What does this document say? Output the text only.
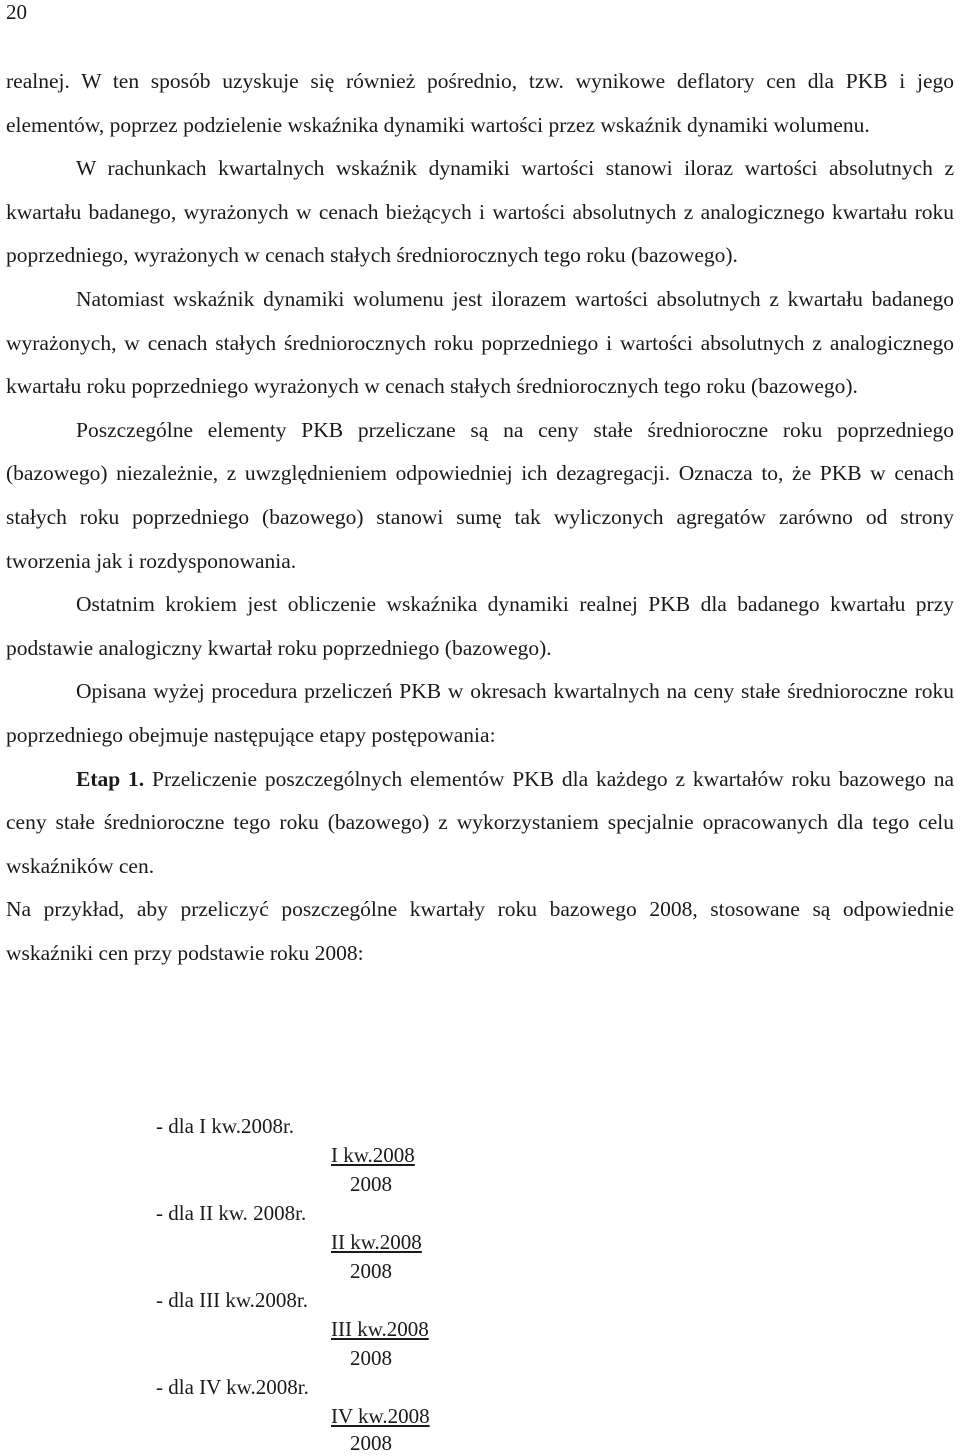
20

realnej. W ten sposób uzyskuje się również pośrednio, tzw. wynikowe deflatory cen dla PKB i jego elementów, poprzez podzielenie wskaźnika dynamiki wartości przez wskaźnik dynamiki wolumenu.

W rachunkach kwartalnych wskaźnik dynamiki wartości stanowi iloraz wartości absolutnych z kwartału badanego, wyrażonych w cenach bieżących i wartości absolutnych z analogicznego kwartału roku poprzedniego, wyrażonych w cenach stałych średniorocznych tego roku (bazowego).

Natomiast wskaźnik dynamiki wolumenu jest ilorazem wartości absolutnych z kwartału badanego wyrażonych, w cenach stałych średniorocznych roku poprzedniego i wartości absolutnych z analogicznego kwartału roku poprzedniego wyrażonych w cenach stałych średniorocznych tego roku (bazowego).

Poszczególne elementy PKB przeliczane są na ceny stałe średnioroczne roku poprzedniego (bazowego) niezależnie, z uwzględnieniem odpowiedniej ich dezagregacji. Oznacza to, że PKB w cenach stałych roku poprzedniego (bazowego) stanowi sumę tak wyliczonych agregatów zarówno od strony tworzenia jak i rozdysponowania.

Ostatnim krokiem jest obliczenie wskaźnika dynamiki realnej PKB dla badanego kwartału przy podstawie analogiczny kwartał roku poprzedniego (bazowego).

Opisana wyżej procedura przeliczeń PKB w okresach kwartalnych na ceny stałe średnioroczne roku poprzedniego obejmuje następujące etapy postępowania:

Etap 1. Przeliczenie poszczególnych elementów PKB dla każdego z kwartałów roku bazowego na ceny stałe średnioroczne tego roku (bazowego) z wykorzystaniem specjalnie opracowanych dla tego celu wskaźników cen.

Na przykład, aby przeliczyć poszczególne kwartały roku bazowego 2008, stosowane są odpowiednie wskaźniki cen przy podstawie roku 2008:

- dla I kw.2008r.
I kw.2008
2008
- dla II kw. 2008r.
II kw.2008
2008
- dla III kw.2008r.
III kw.2008
2008
- dla IV kw.2008r.
IV kw.2008
2008
